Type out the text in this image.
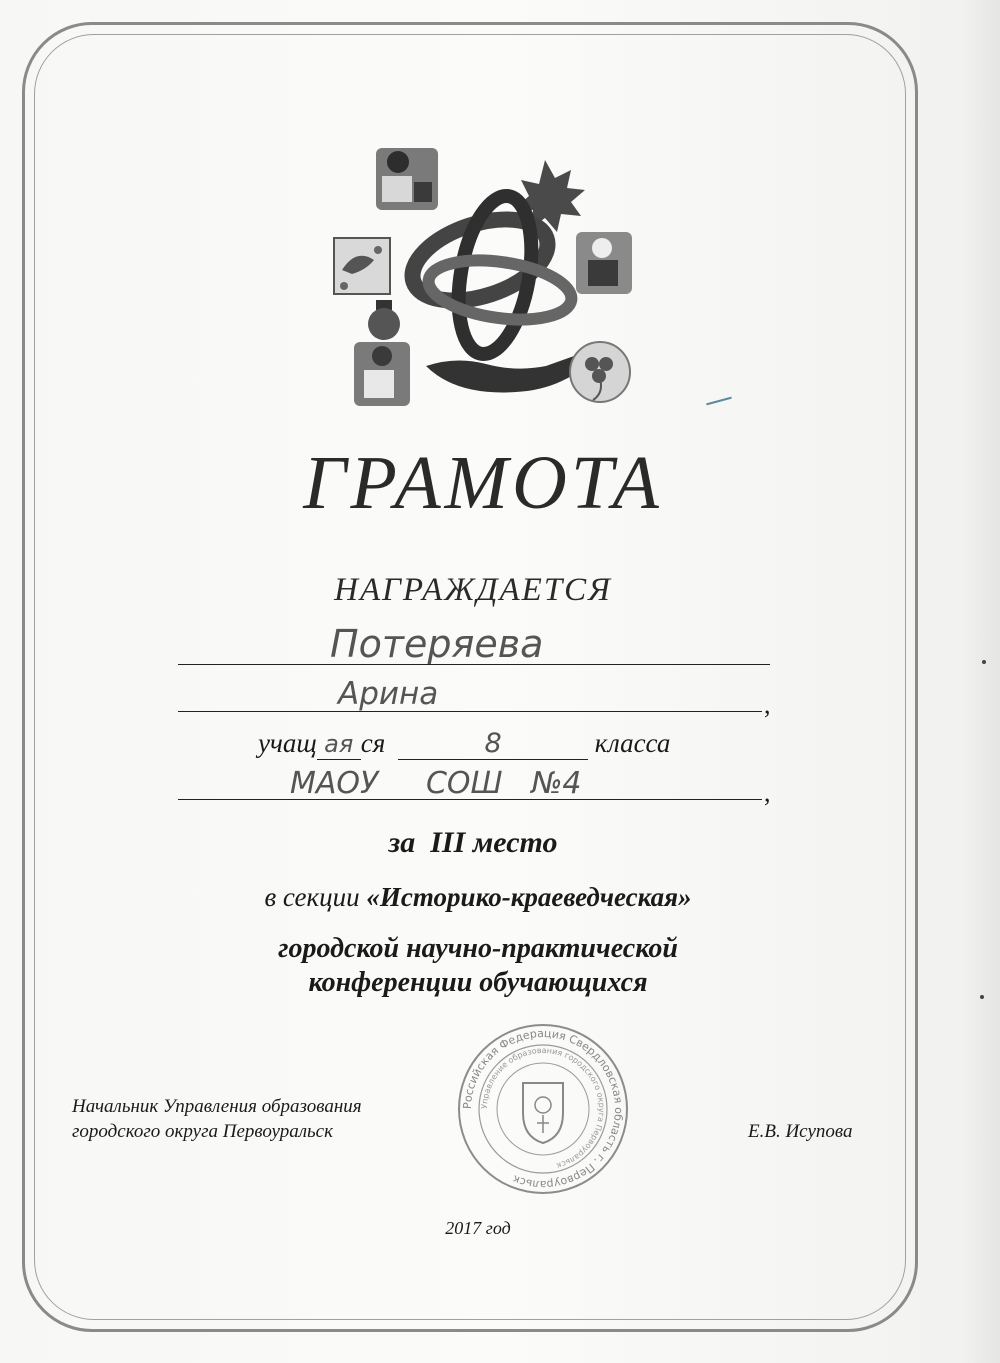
ГРАМОТА
НАГРАЖДАЕТСЯ
Потеряева
Арина	,
учащ ая ся	8	класса
МАОУ     СОШ   №4	,
за  III место
в секции «Историко-краеведческая»
городской научно-практической
конференции обучающихся
Начальник Управления образования
городского округа Первоуральск
Российская Федерация Свердловская область г. Первоуральск
Управление образования городского округа Первоуральск
Е.В. Исупова
2017 год
